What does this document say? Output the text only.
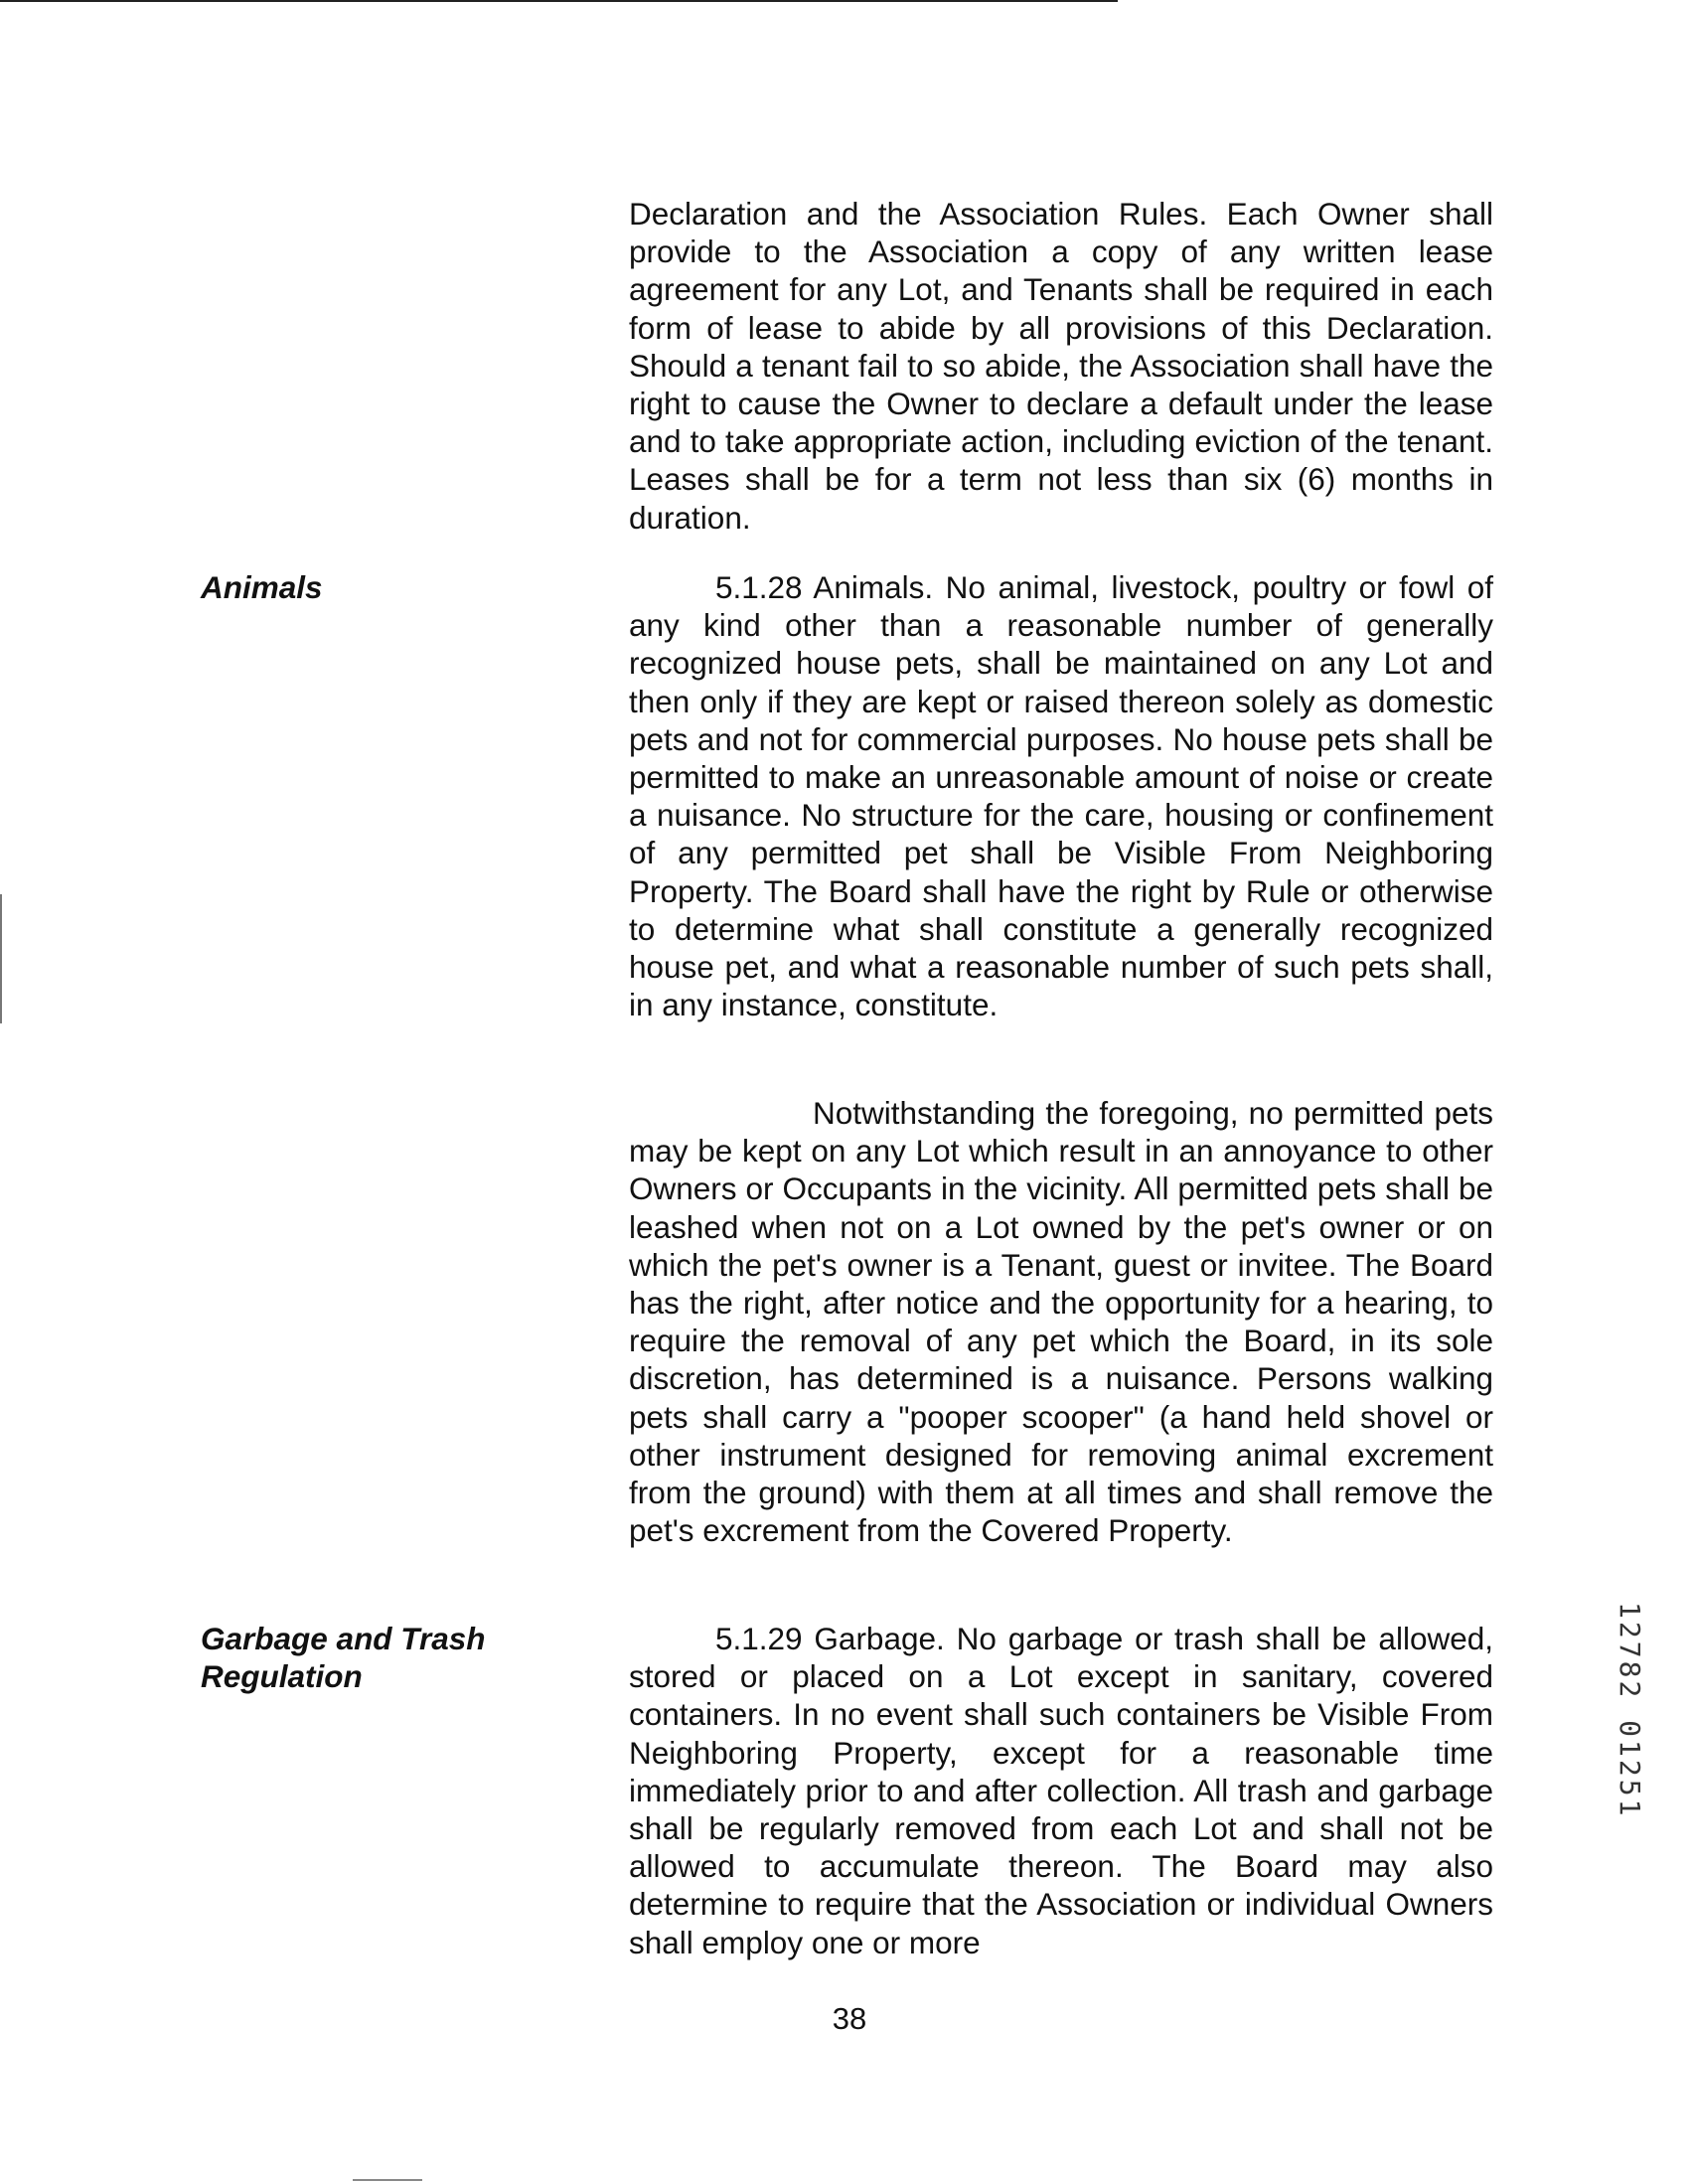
Animals

Garbage and Trash
Regulation

Declaration and the Association Rules. Each Owner shall provide to the Association a copy of any written lease agreement for any Lot, and Tenants shall be required in each form of lease to abide by all provisions of this Declaration. Should a tenant fail to so abide, the Association shall have the right to cause the Owner to declare a default under the lease and to take appropriate action, including eviction of the tenant. Leases shall be for a term not less than six (6) months in duration.

5.1.28 Animals. No animal, livestock, poultry or fowl of any kind other than a reasonable number of generally recognized house pets, shall be maintained on any Lot and then only if they are kept or raised thereon solely as domestic pets and not for commercial purposes. No house pets shall be permitted to make an unreasonable amount of noise or create a nuisance. No structure for the care, housing or confinement of any permitted pet shall be Visible From Neighboring Property. The Board shall have the right by Rule or otherwise to determine what shall constitute a generally recognized house pet, and what a reasonable number of such pets shall, in any instance, constitute.

Notwithstanding the foregoing, no permitted pets may be kept on any Lot which result in an annoyance to other Owners or Occupants in the vicinity. All permitted pets shall be leashed when not on a Lot owned by the pet's owner or on which the pet's owner is a Tenant, guest or invitee. The Board has the right, after notice and the opportunity for a hearing, to require the removal of any pet which the Board, in its sole discretion, has determined is a nuisance. Persons walking pets shall carry a "pooper scooper" (a hand held shovel or other instrument designed for removing animal excrement from the ground) with them at all times and shall remove the pet's excrement from the Covered Property.

5.1.29 Garbage. No garbage or trash shall be allowed, stored or placed on a Lot except in sanitary, covered containers. In no event shall such containers be Visible From Neighboring Property, except for a reasonable time immediately prior to and after collection. All trash and garbage shall be regularly removed from each Lot and shall not be allowed to accumulate thereon. The Board may also determine to require that the Association or individual Owners shall employ one or more

38
12782 01251
